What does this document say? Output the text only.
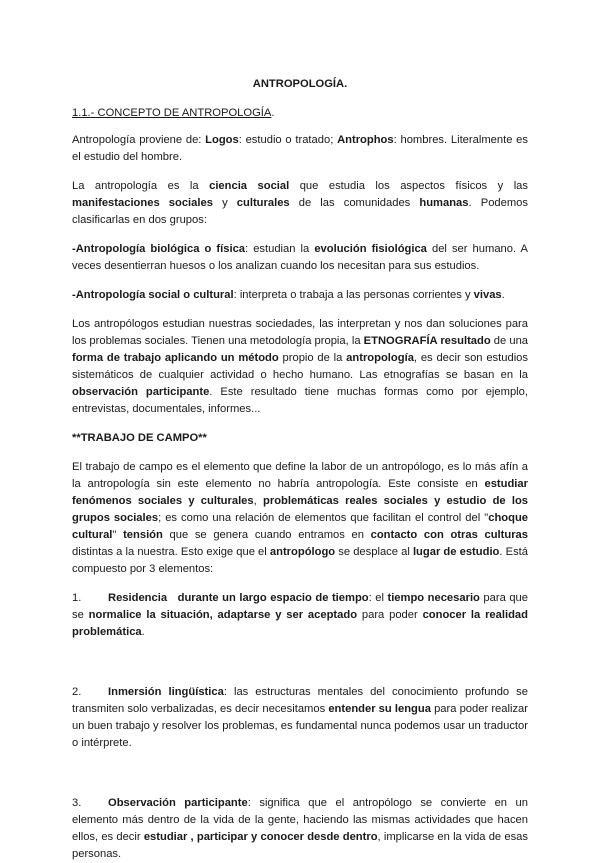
ANTROPOLOGÍA.
1.1.- CONCEPTO DE ANTROPOLOGÍA.

Antropología proviene de: Logos: estudio o tratado; Antrophos: hombres. Literalmente es el estudio del hombre.

La antropología es la ciencia social que estudia los aspectos físicos y las manifestaciones sociales y culturales de las comunidades humanas. Podemos clasificarlas en dos grupos:

-Antropología biológica o física: estudian la evolución fisiológica del ser humano. A veces desentierran huesos o los analizan cuando los necesitan para sus estudios.

-Antropología social o cultural: interpreta o trabaja a las personas corrientes y vivas.

Los antropólogos estudian nuestras sociedades, las interpretan y nos dan soluciones para los problemas sociales. Tienen una metodología propia, la ETNOGRAFÍA resultado de una forma de trabajo aplicando un método propio de la antropología, es decir son estudios sistemáticos de cualquier actividad o hecho humano. Las etnografías se basan en la observación participante. Este resultado tiene muchas formas como por ejemplo, entrevistas, documentales, informes...

**TRABAJO DE CAMPO**

El trabajo de campo es el elemento que define la labor de un antropólogo, es lo más afín a la antropología sin este elemento no habría antropología. Este consiste en estudiar fenómenos sociales y culturales, problemáticas reales sociales y estudio de los grupos sociales; es como una relación de elementos que facilitan el control del "choque cultural" tensión que se genera cuando entramos en contacto con otras culturas distintas a la nuestra. Esto exige que el antropólogo se desplace al lugar de estudio. Está compuesto por 3 elementos:

1. Residencia durante un largo espacio de tiempo: el tiempo necesario para que se normalice la situación, adaptarse y ser aceptado para poder conocer la realidad problemática.
2. Inmersión lingüística: las estructuras mentales del conocimiento profundo se transmiten solo verbalizadas, es decir necesitamos entender su lengua para poder realizar un buen trabajo y resolver los problemas, es fundamental nunca podemos usar un traductor o intérprete.
3. Observación participante: significa que el antropólogo se convierte en un elemento más dentro de la vida de la gente, haciendo las mismas actividades que hacen ellos, es decir estudiar , participar y conocer desde dentro, implicarse en la vida de esas personas.
